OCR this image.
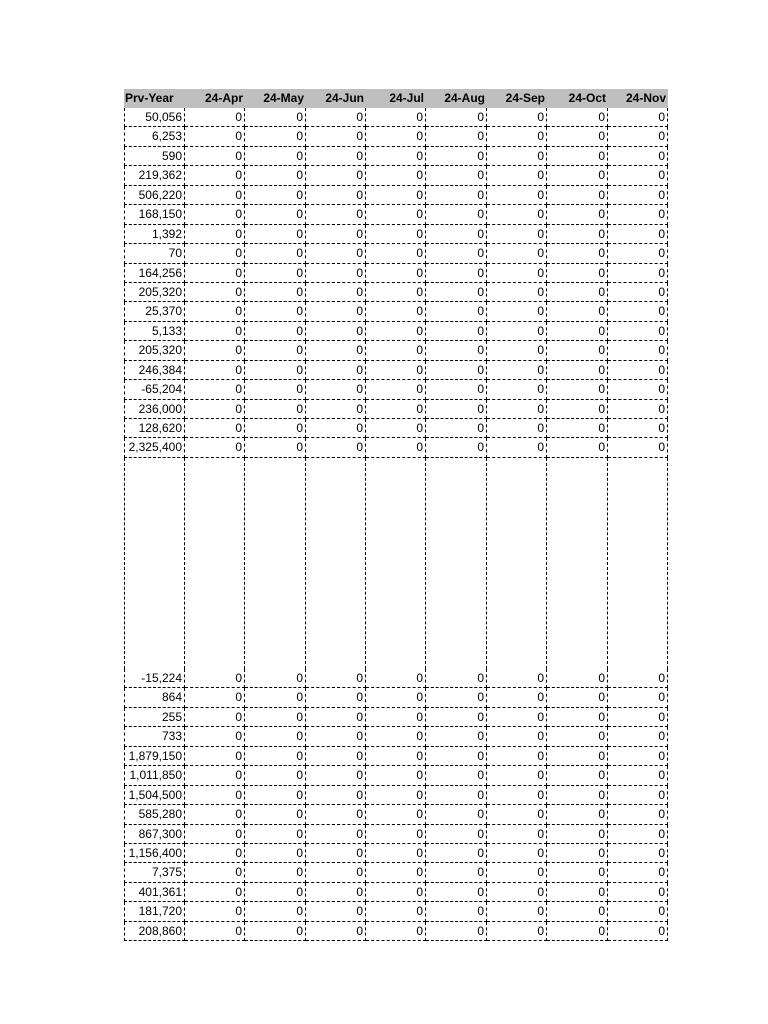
Prv-Year	24-Apr	24-May	24-Jun	24-Jul	24-Aug	24-Sep	24-Oct	24-Nov
50,056	0	0	0	0	0	0	0	0
6,253	0	0	0	0	0	0	0	0
590	0	0	0	0	0	0	0	0
219,362	0	0	0	0	0	0	0	0
506,220	0	0	0	0	0	0	0	0
168,150	0	0	0	0	0	0	0	0
1,392	0	0	0	0	0	0	0	0
70	0	0	0	0	0	0	0	0
164,256	0	0	0	0	0	0	0	0
205,320	0	0	0	0	0	0	0	0
25,370	0	0	0	0	0	0	0	0
5,133	0	0	0	0	0	0	0	0
205,320	0	0	0	0	0	0	0	0
246,384	0	0	0	0	0	0	0	0
-65,204	0	0	0	0	0	0	0	0
236,000	0	0	0	0	0	0	0	0
128,620	0	0	0	0	0	0	0	0
2,325,400	0	0	0	0	0	0	0	0
-15,224	0	0	0	0	0	0	0	0
864	0	0	0	0	0	0	0	0
255	0	0	0	0	0	0	0	0
733	0	0	0	0	0	0	0	0
1,879,150	0	0	0	0	0	0	0	0
1,011,850	0	0	0	0	0	0	0	0
1,504,500	0	0	0	0	0	0	0	0
585,280	0	0	0	0	0	0	0	0
867,300	0	0	0	0	0	0	0	0
1,156,400	0	0	0	0	0	0	0	0
7,375	0	0	0	0	0	0	0	0
401,361	0	0	0	0	0	0	0	0
181,720	0	0	0	0	0	0	0	0
208,860	0	0	0	0	0	0	0	0
